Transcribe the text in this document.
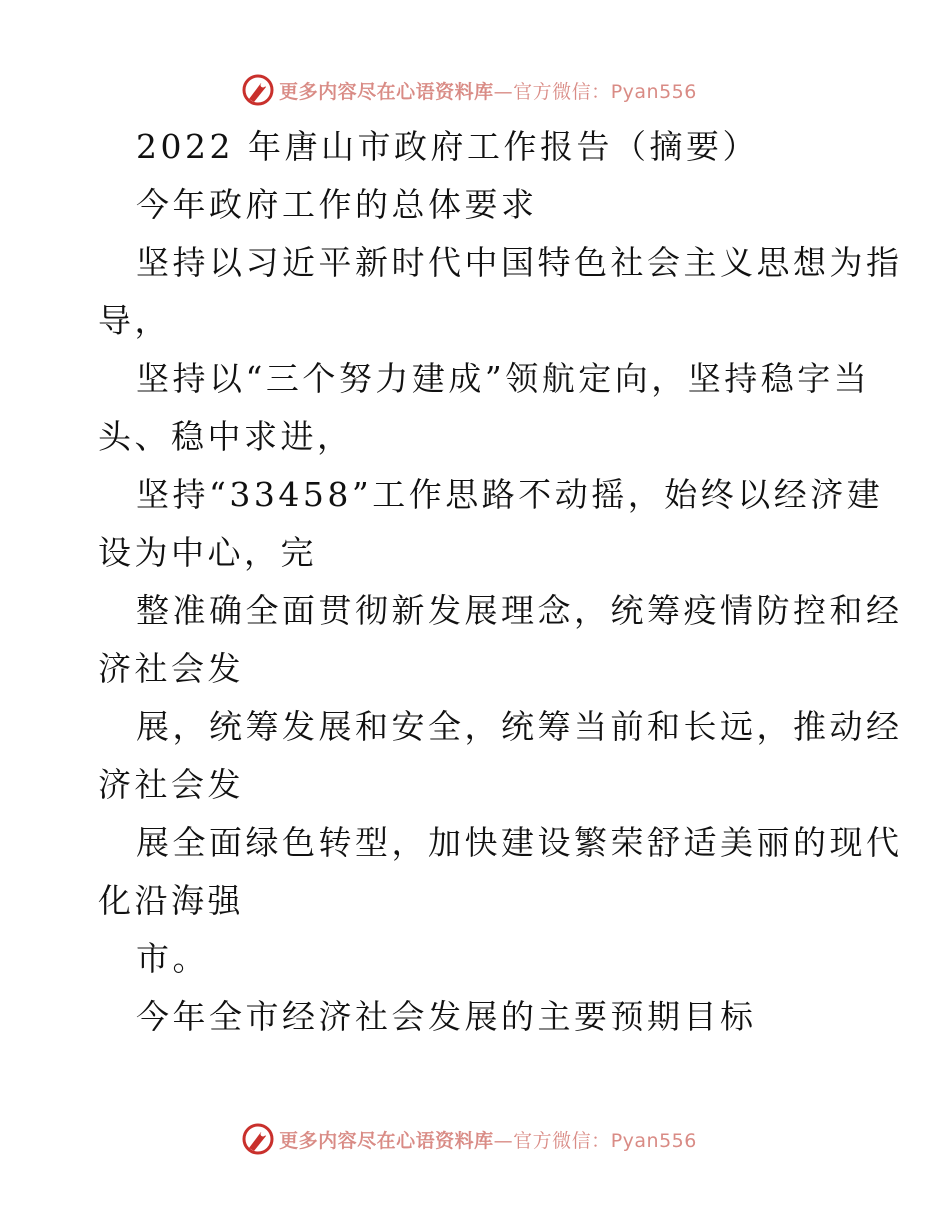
更多内容尽在心语资料库—官方微信：Pyan556
2022 年唐山市政府工作报告（摘要）
今年政府工作的总体要求
坚持以习近平新时代中国特色社会主义思想为指
导，
坚持以“三个努力建成”领航定向，坚持稳字当
头、稳中求进，
坚持“33458”工作思路不动摇，始终以经济建
设为中心，完
整准确全面贯彻新发展理念，统筹疫情防控和经
济社会发
展，统筹发展和安全，统筹当前和长远，推动经
济社会发
展全面绿色转型，加快建设繁荣舒适美丽的现代
化沿海强
市。
今年全市经济社会发展的主要预期目标
更多内容尽在心语资料库—官方微信：Pyan556
